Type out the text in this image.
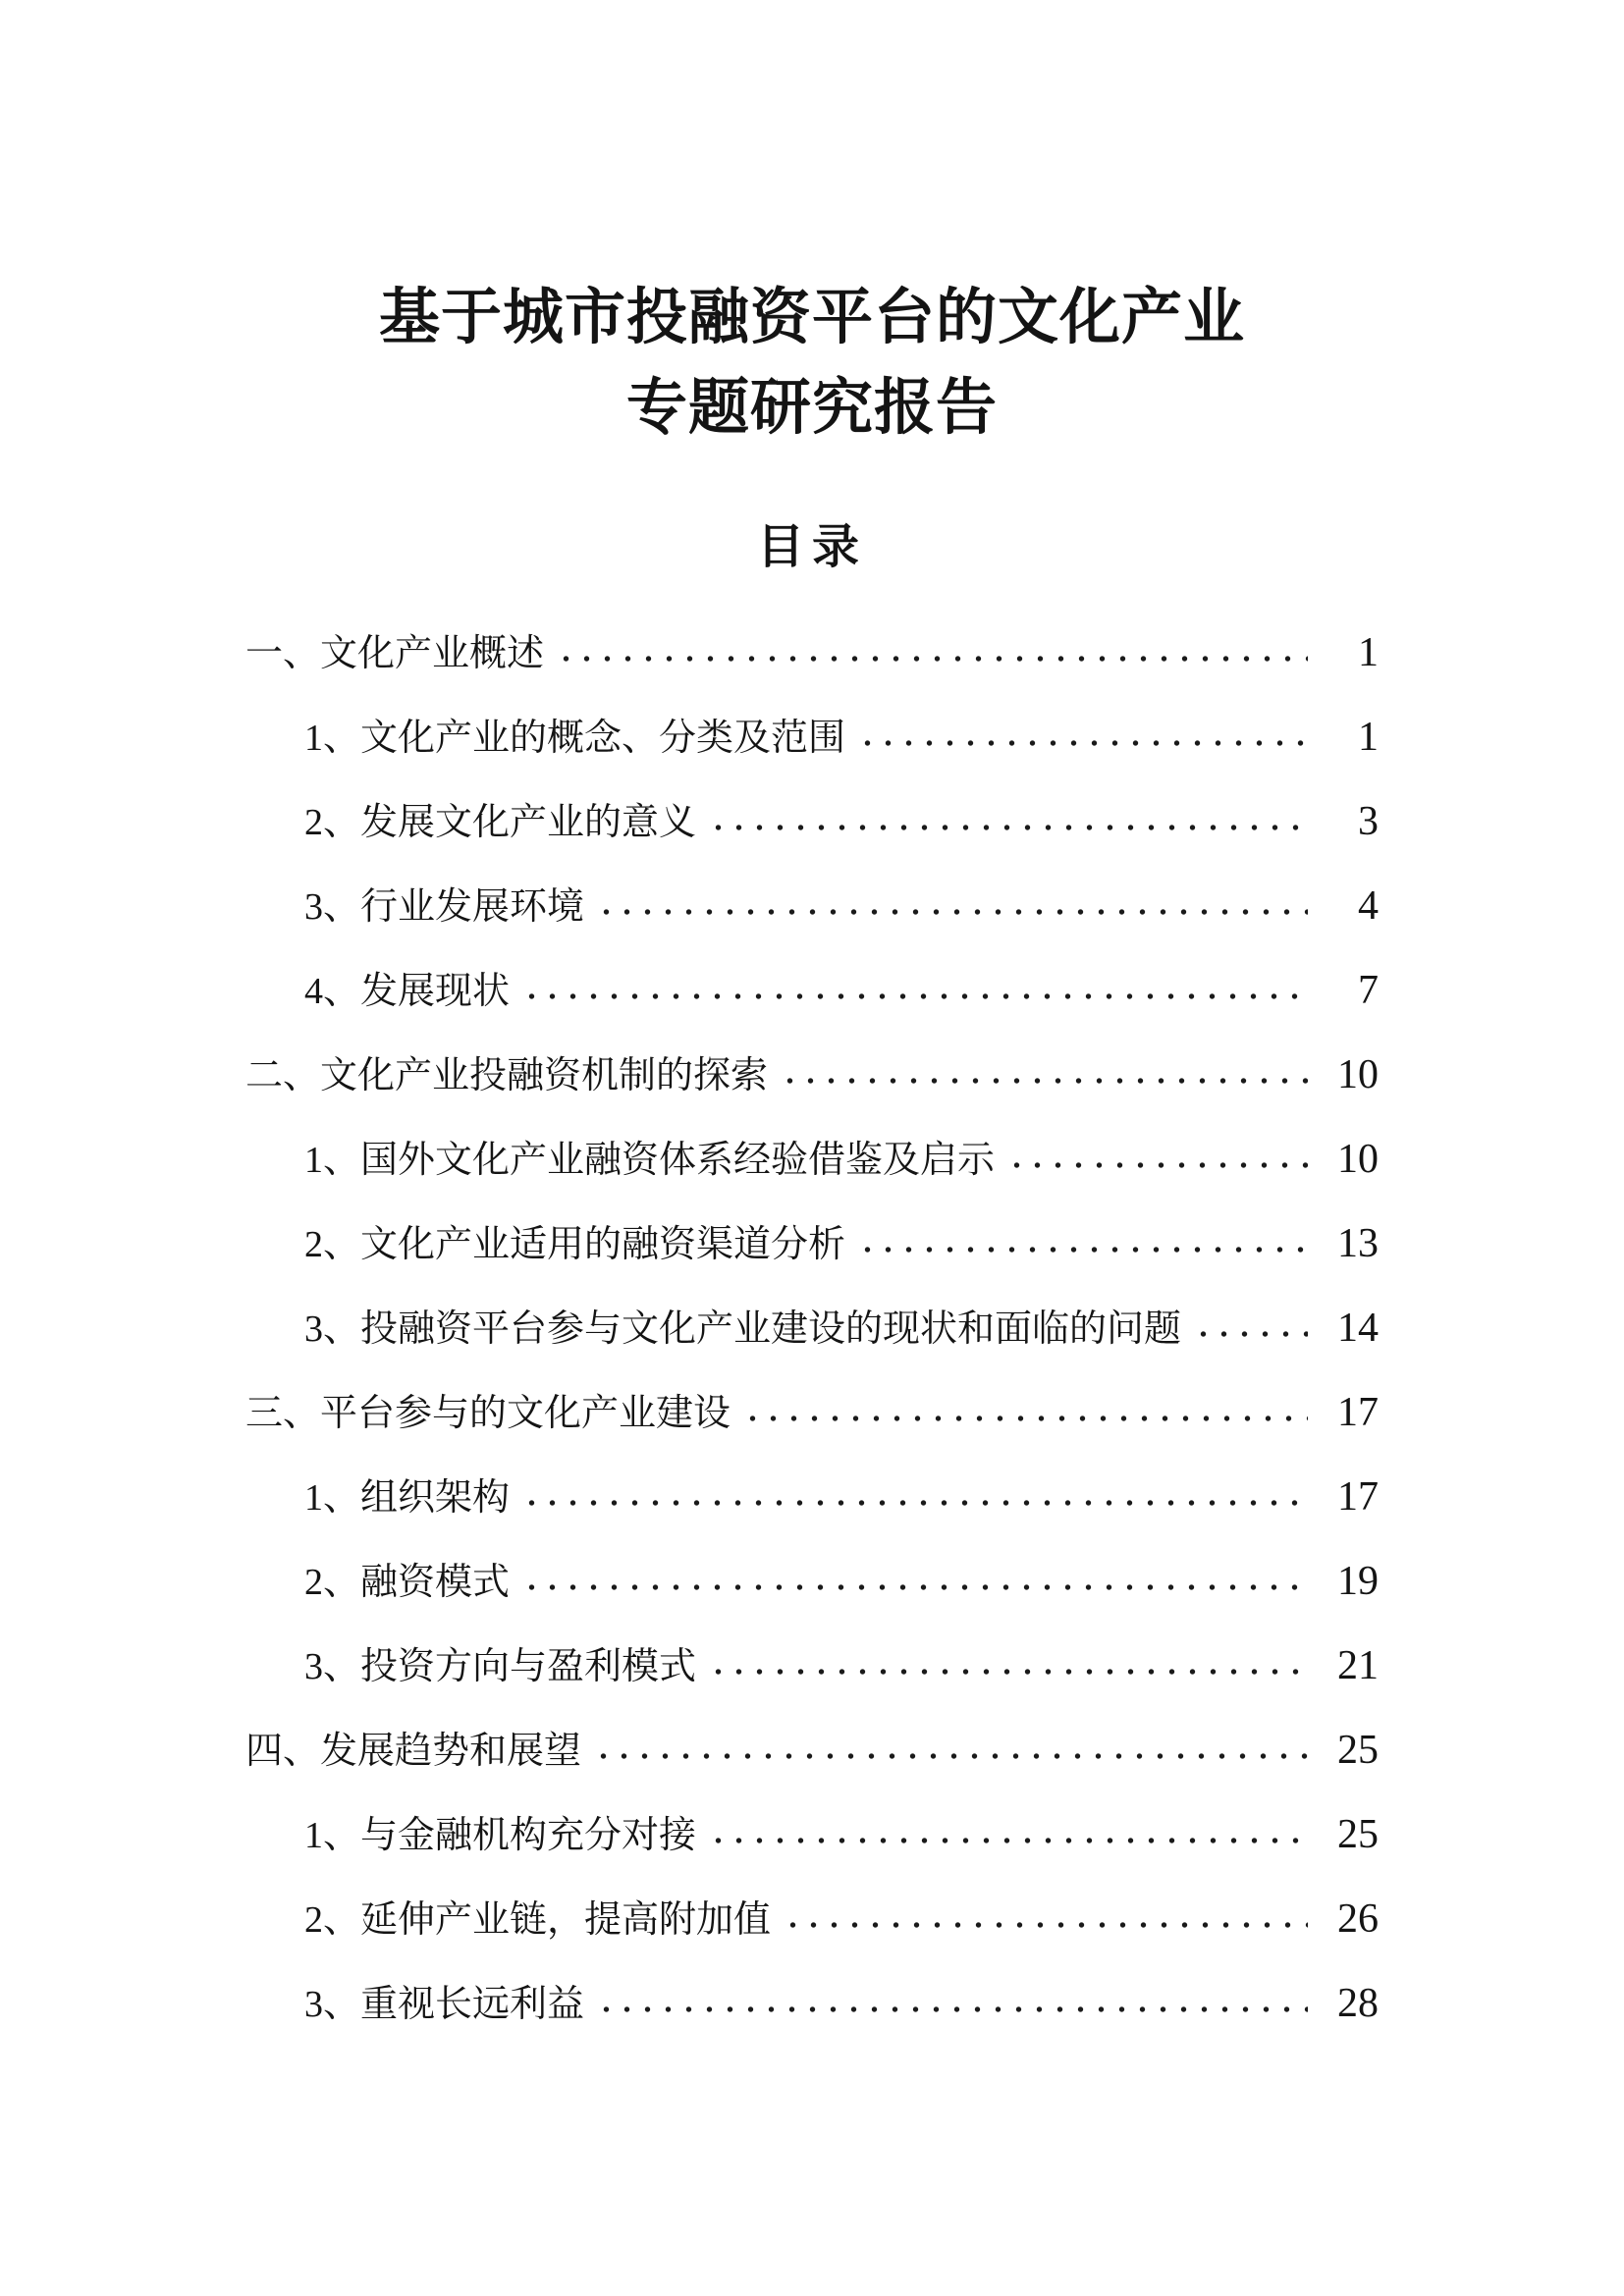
基于城市投融资平台的文化产业
专题研究报告
目录
一、文化产业概述	1
1、文化产业的概念、分类及范围	1
2、发展文化产业的意义	3
3、行业发展环境	4
4、发展现状	7
二、文化产业投融资机制的探索	10
1、国外文化产业融资体系经验借鉴及启示	10
2、文化产业适用的融资渠道分析	13
3、投融资平台参与文化产业建设的现状和面临的问题	14
三、平台参与的文化产业建设	17
1、组织架构	17
2、融资模式	19
3、投资方向与盈利模式	21
四、发展趋势和展望	25
1、与金融机构充分对接	25
2、延伸产业链，提高附加值	26
3、重视长远利益	28
